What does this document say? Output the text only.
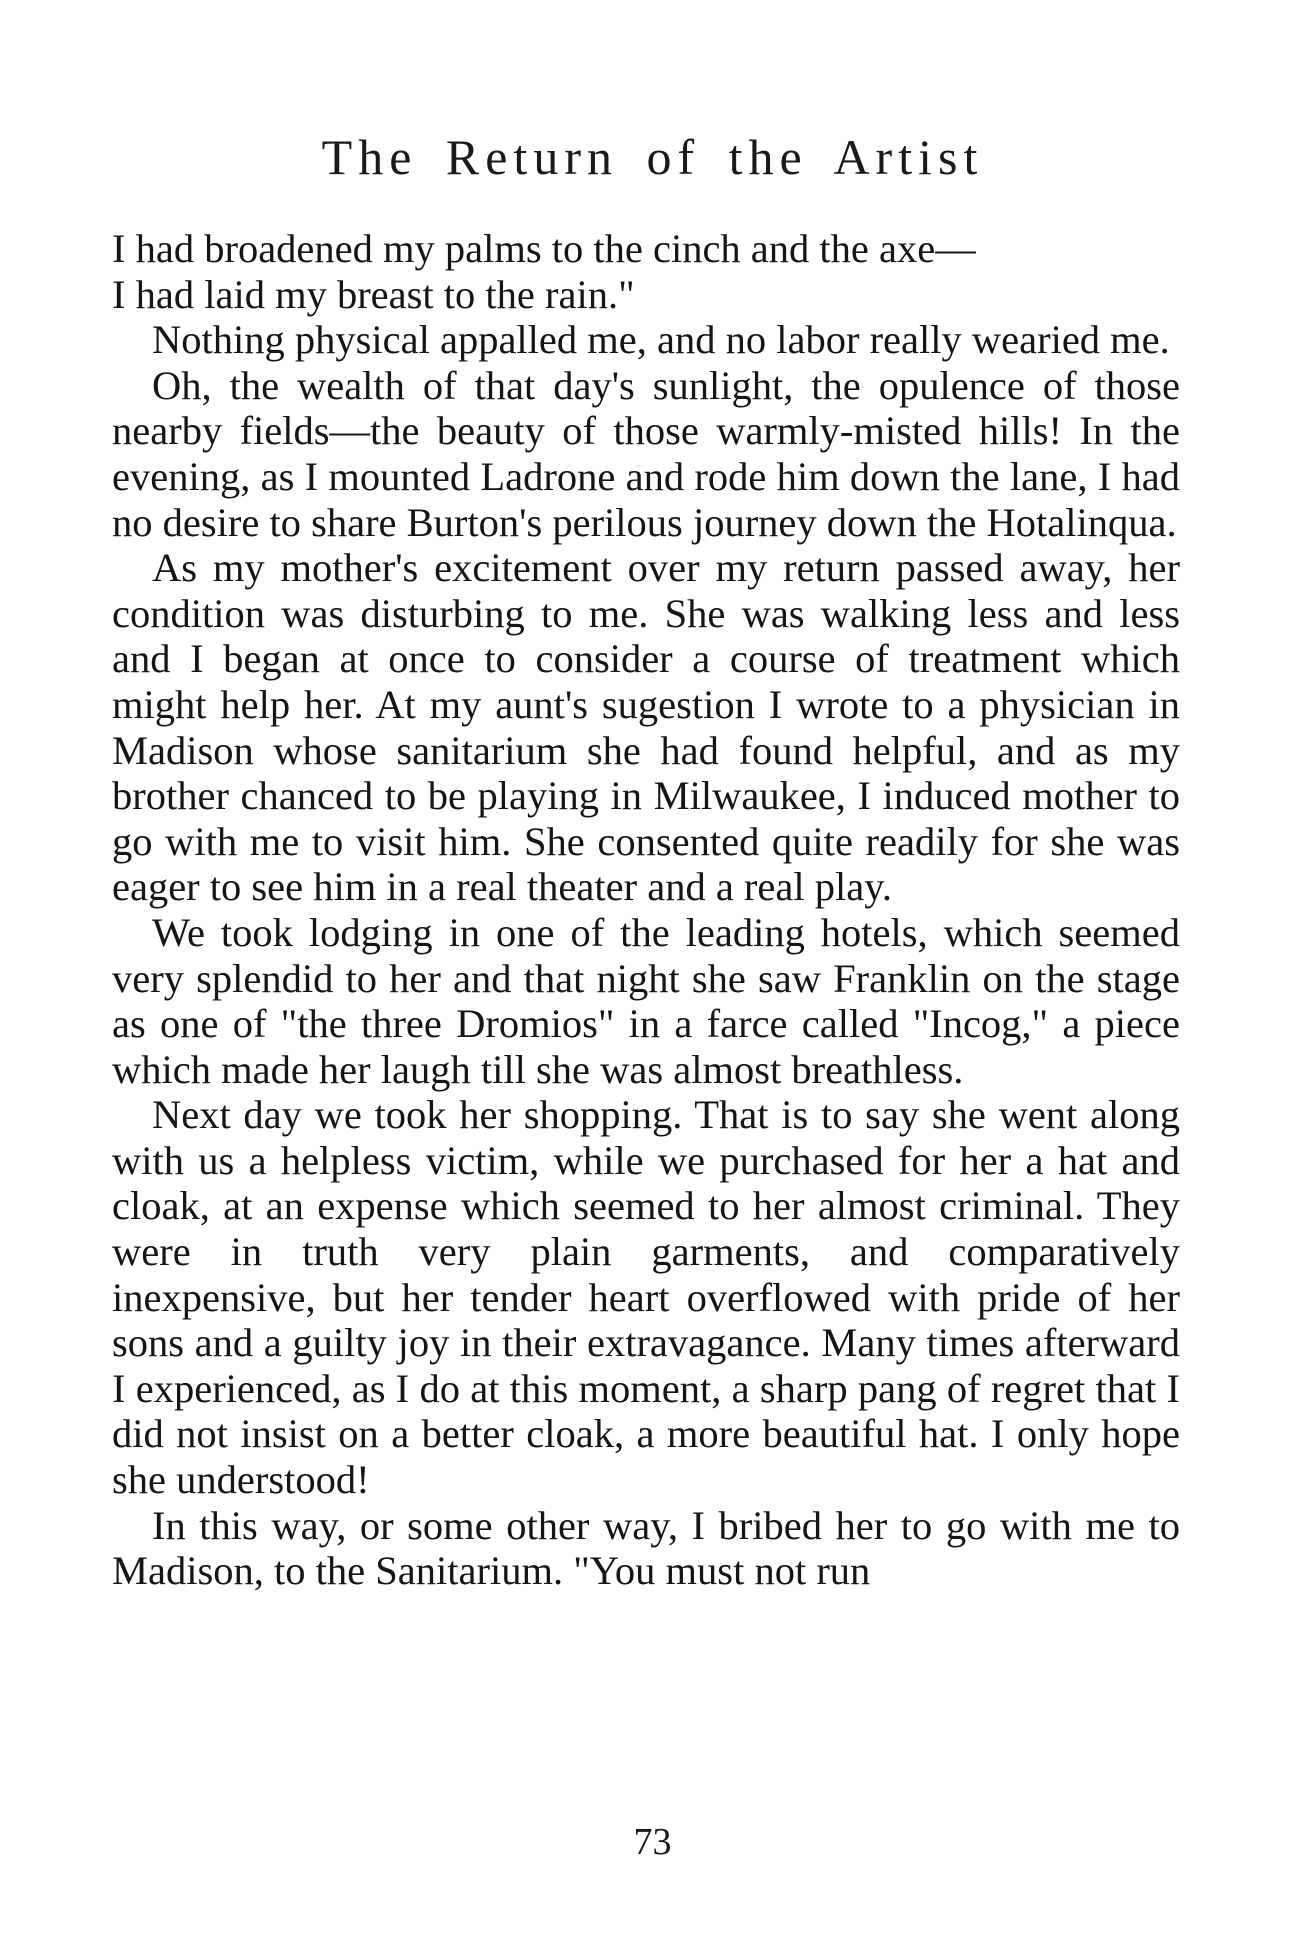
The Return of the Artist

I had broadened my palms to the cinch and the axe—
I had laid my breast to the rain."

Nothing physical appalled me, and no labor really wearied me.

Oh, the wealth of that day's sunlight, the opulence of those nearby fields—the beauty of those warmly-misted hills! In the evening, as I mounted Ladrone and rode him down the lane, I had no desire to share Burton's perilous journey down the Hotalinqua.

As my mother's excitement over my return passed away, her condition was disturbing to me. She was walking less and less and I began at once to consider a course of treatment which might help her. At my aunt's sugestion I wrote to a physician in Madison whose sanitarium she had found helpful, and as my brother chanced to be playing in Milwaukee, I induced mother to go with me to visit him. She consented quite readily for she was eager to see him in a real theater and a real play.

We took lodging in one of the leading hotels, which seemed very splendid to her and that night she saw Franklin on the stage as one of "the three Dromios" in a farce called "Incog," a piece which made her laugh till she was almost breathless.

Next day we took her shopping. That is to say she went along with us a helpless victim, while we purchased for her a hat and cloak, at an expense which seemed to her almost criminal. They were in truth very plain garments, and comparatively inexpensive, but her tender heart overflowed with pride of her sons and a guilty joy in their extravagance. Many times afterward I experienced, as I do at this moment, a sharp pang of regret that I did not insist on a better cloak, a more beautiful hat. I only hope she understood!

In this way, or some other way, I bribed her to go with me to Madison, to the Sanitarium. "You must not run

73
